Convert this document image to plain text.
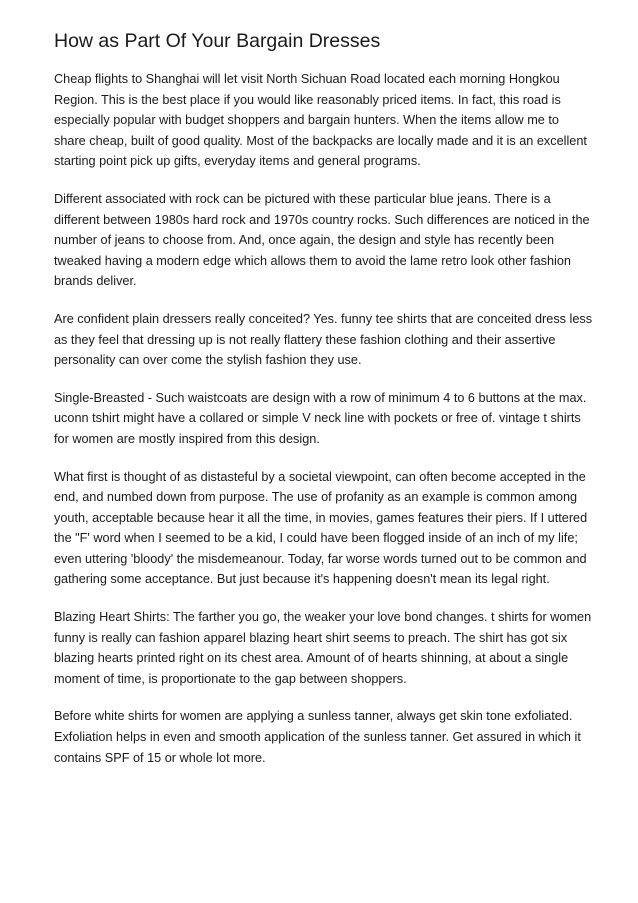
How as Part Of Your Bargain Dresses

Cheap flights to Shanghai will let visit North Sichuan Road located each morning Hongkou Region. This is the best place if you would like reasonably priced items. In fact, this road is especially popular with budget shoppers and bargain hunters. When the items allow me to share cheap, built of good quality. Most of the backpacks are locally made and it is an excellent starting point pick up gifts, everyday items and general programs.

Different associated with rock can be pictured with these particular blue jeans. There is a different between 1980s hard rock and 1970s country rocks. Such differences are noticed in the number of jeans to choose from. And, once again, the design and style has recently been tweaked having a modern edge which allows them to avoid the lame retro look other fashion brands deliver.

Are confident plain dressers really conceited? Yes. funny tee shirts that are conceited dress less as they feel that dressing up is not really flattery these fashion clothing and their assertive personality can over come the stylish fashion they use.

Single-Breasted - Such waistcoats are design with a row of minimum 4 to 6 buttons at the max. uconn tshirt might have a collared or simple V neck line with pockets or free of. vintage t shirts for women are mostly inspired from this design.

What first is thought of as distasteful by a societal viewpoint, can often become accepted in the end, and numbed down from purpose. The use of profanity as an example is common among youth, acceptable because hear it all the time, in movies, games features their piers. If I uttered the "F' word when I seemed to be a kid, I could have been flogged inside of an inch of my life; even uttering 'bloody' the misdemeanour. Today, far worse words turned out to be common and gathering some acceptance. But just because it's happening doesn't mean its legal right.

Blazing Heart Shirts: The farther you go, the weaker your love bond changes. t shirts for women funny is really can fashion apparel blazing heart shirt seems to preach. The shirt has got six blazing hearts printed right on its chest area. Amount of of hearts shinning, at about a single moment of time, is proportionate to the gap between shoppers.

Before white shirts for women are applying a sunless tanner, always get skin tone exfoliated. Exfoliation helps in even and smooth application of the sunless tanner. Get assured in which it contains SPF of 15 or whole lot more.
